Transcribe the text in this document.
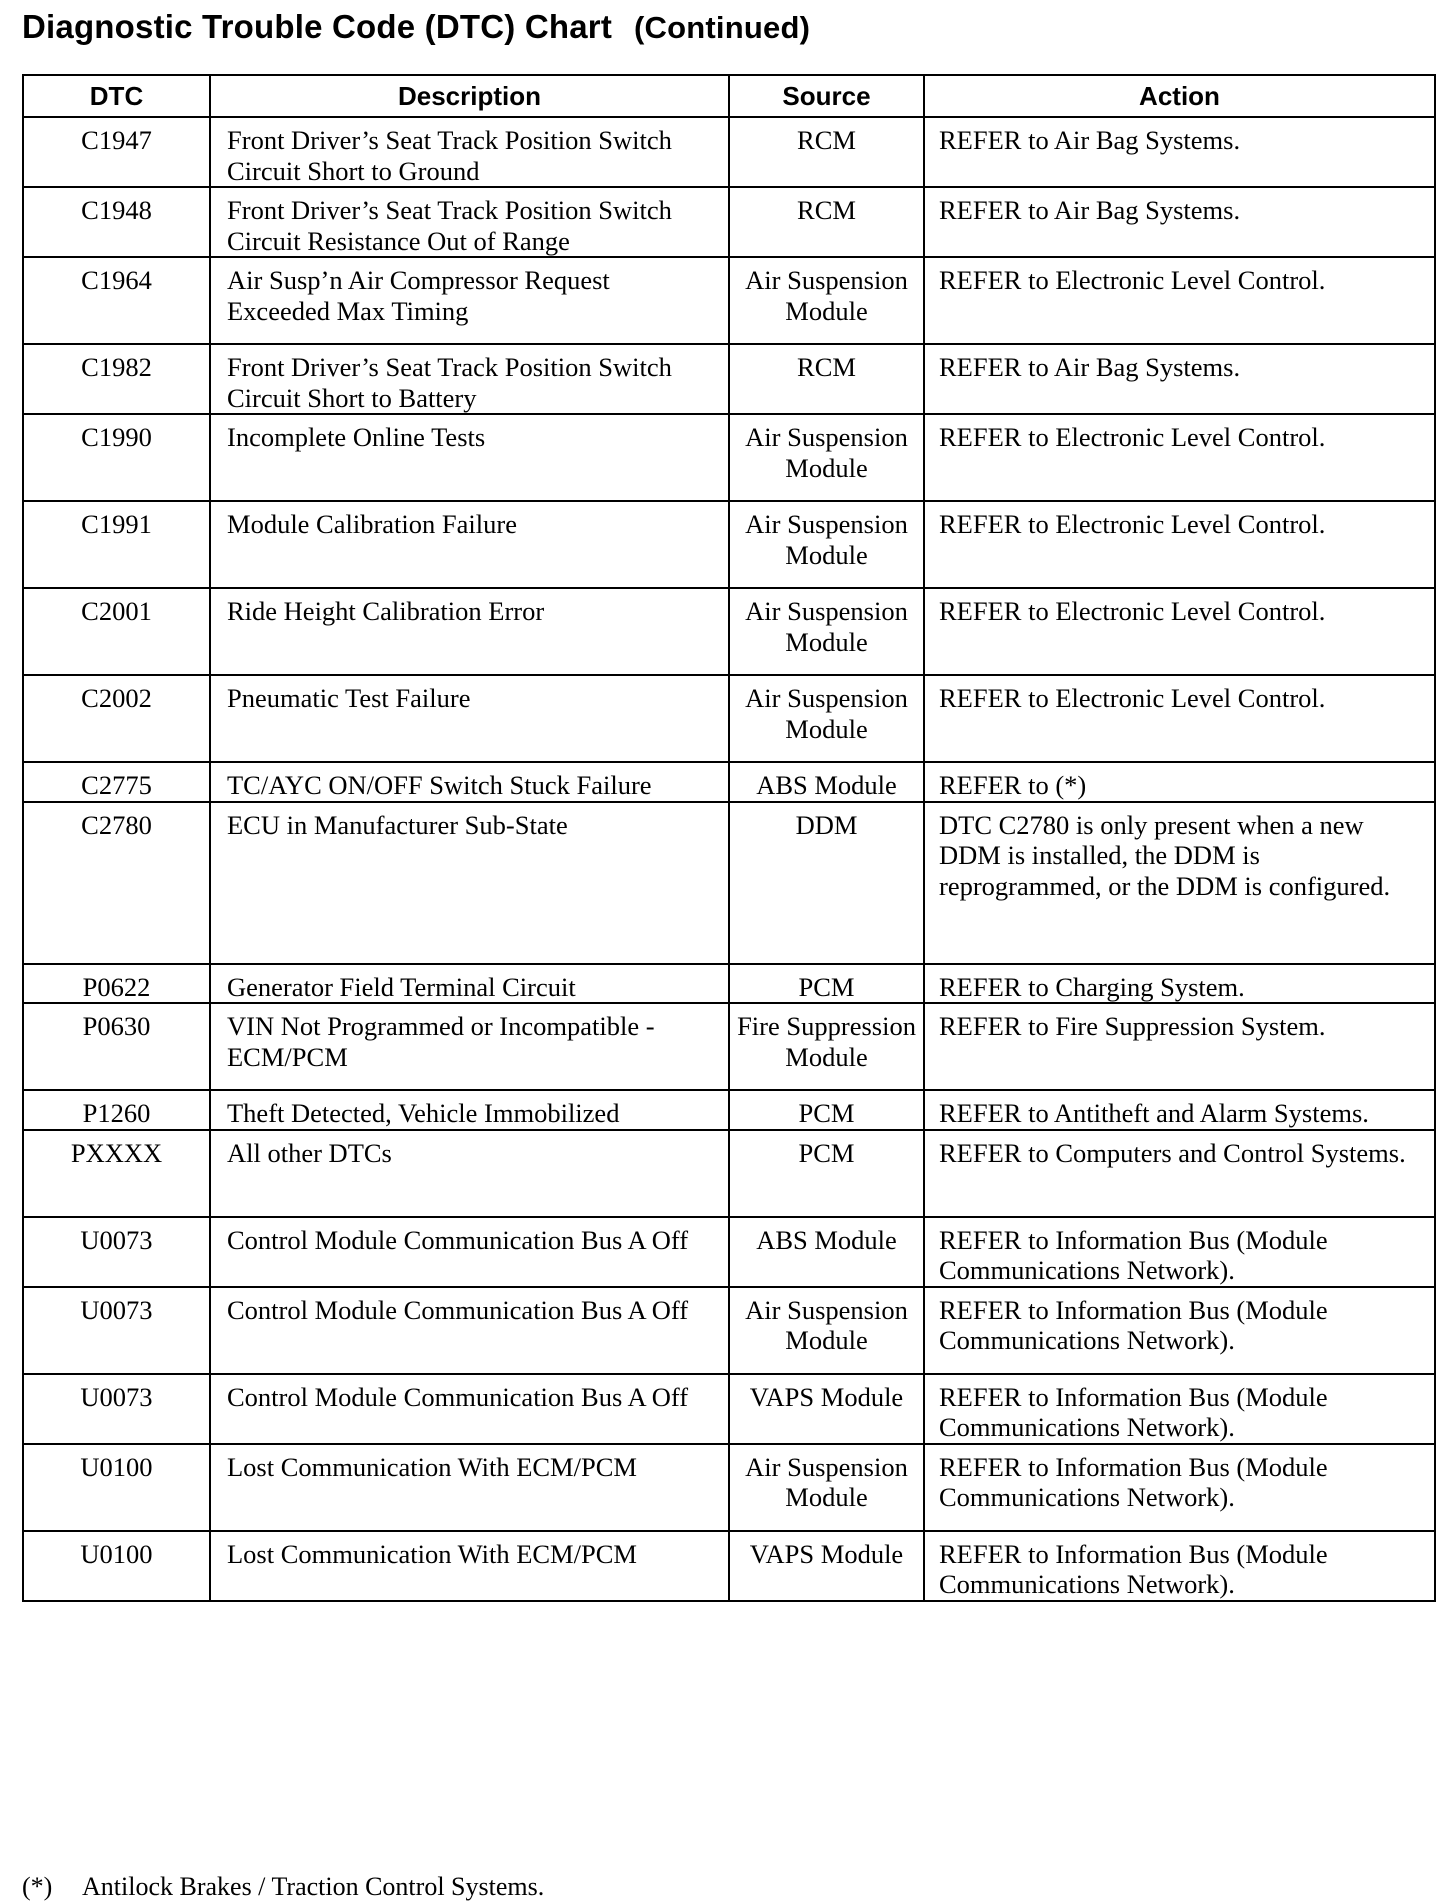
Diagnostic Trouble Code (DTC) Chart (Continued)
DTC	Description	Source	Action
C1947	Front Driver’s Seat Track Position Switch Circuit Short to Ground	RCM	REFER to Air Bag Systems.
C1948	Front Driver’s Seat Track Position Switch Circuit Resistance Out of Range	RCM	REFER to Air Bag Systems.
C1964	Air Susp’n Air Compressor Request Exceeded Max Timing	Air Suspension Module	REFER to Electronic Level Control.
C1982	Front Driver’s Seat Track Position Switch Circuit Short to Battery	RCM	REFER to Air Bag Systems.
C1990	Incomplete Online Tests	Air Suspension Module	REFER to Electronic Level Control.
C1991	Module Calibration Failure	Air Suspension Module	REFER to Electronic Level Control.
C2001	Ride Height Calibration Error	Air Suspension Module	REFER to Electronic Level Control.
C2002	Pneumatic Test Failure	Air Suspension Module	REFER to Electronic Level Control.
C2775	TC/AYC ON/OFF Switch Stuck Failure	ABS Module	REFER to (*)
C2780	ECU in Manufacturer Sub-State	DDM	DTC C2780 is only present when a new DDM is installed, the DDM is reprogrammed, or the DDM is configured.
P0622	Generator Field Terminal Circuit	PCM	REFER to Charging System.
P0630	VIN Not Programmed or Incompatible - ECM/PCM	Fire Suppression Module	REFER to Fire Suppression System.
P1260	Theft Detected, Vehicle Immobilized	PCM	REFER to Antitheft and Alarm Systems.
PXXXX	All other DTCs	PCM	REFER to Computers and Control Systems.
U0073	Control Module Communication Bus A Off	ABS Module	REFER to Information Bus (Module Communications Network).
U0073	Control Module Communication Bus A Off	Air Suspension Module	REFER to Information Bus (Module Communications Network).
U0073	Control Module Communication Bus A Off	VAPS Module	REFER to Information Bus (Module Communications Network).
U0100	Lost Communication With ECM/PCM	Air Suspension Module	REFER to Information Bus (Module Communications Network).
U0100	Lost Communication With ECM/PCM	VAPS Module	REFER to Information Bus (Module Communications Network).
(*) Antilock Brakes / Traction Control Systems.
